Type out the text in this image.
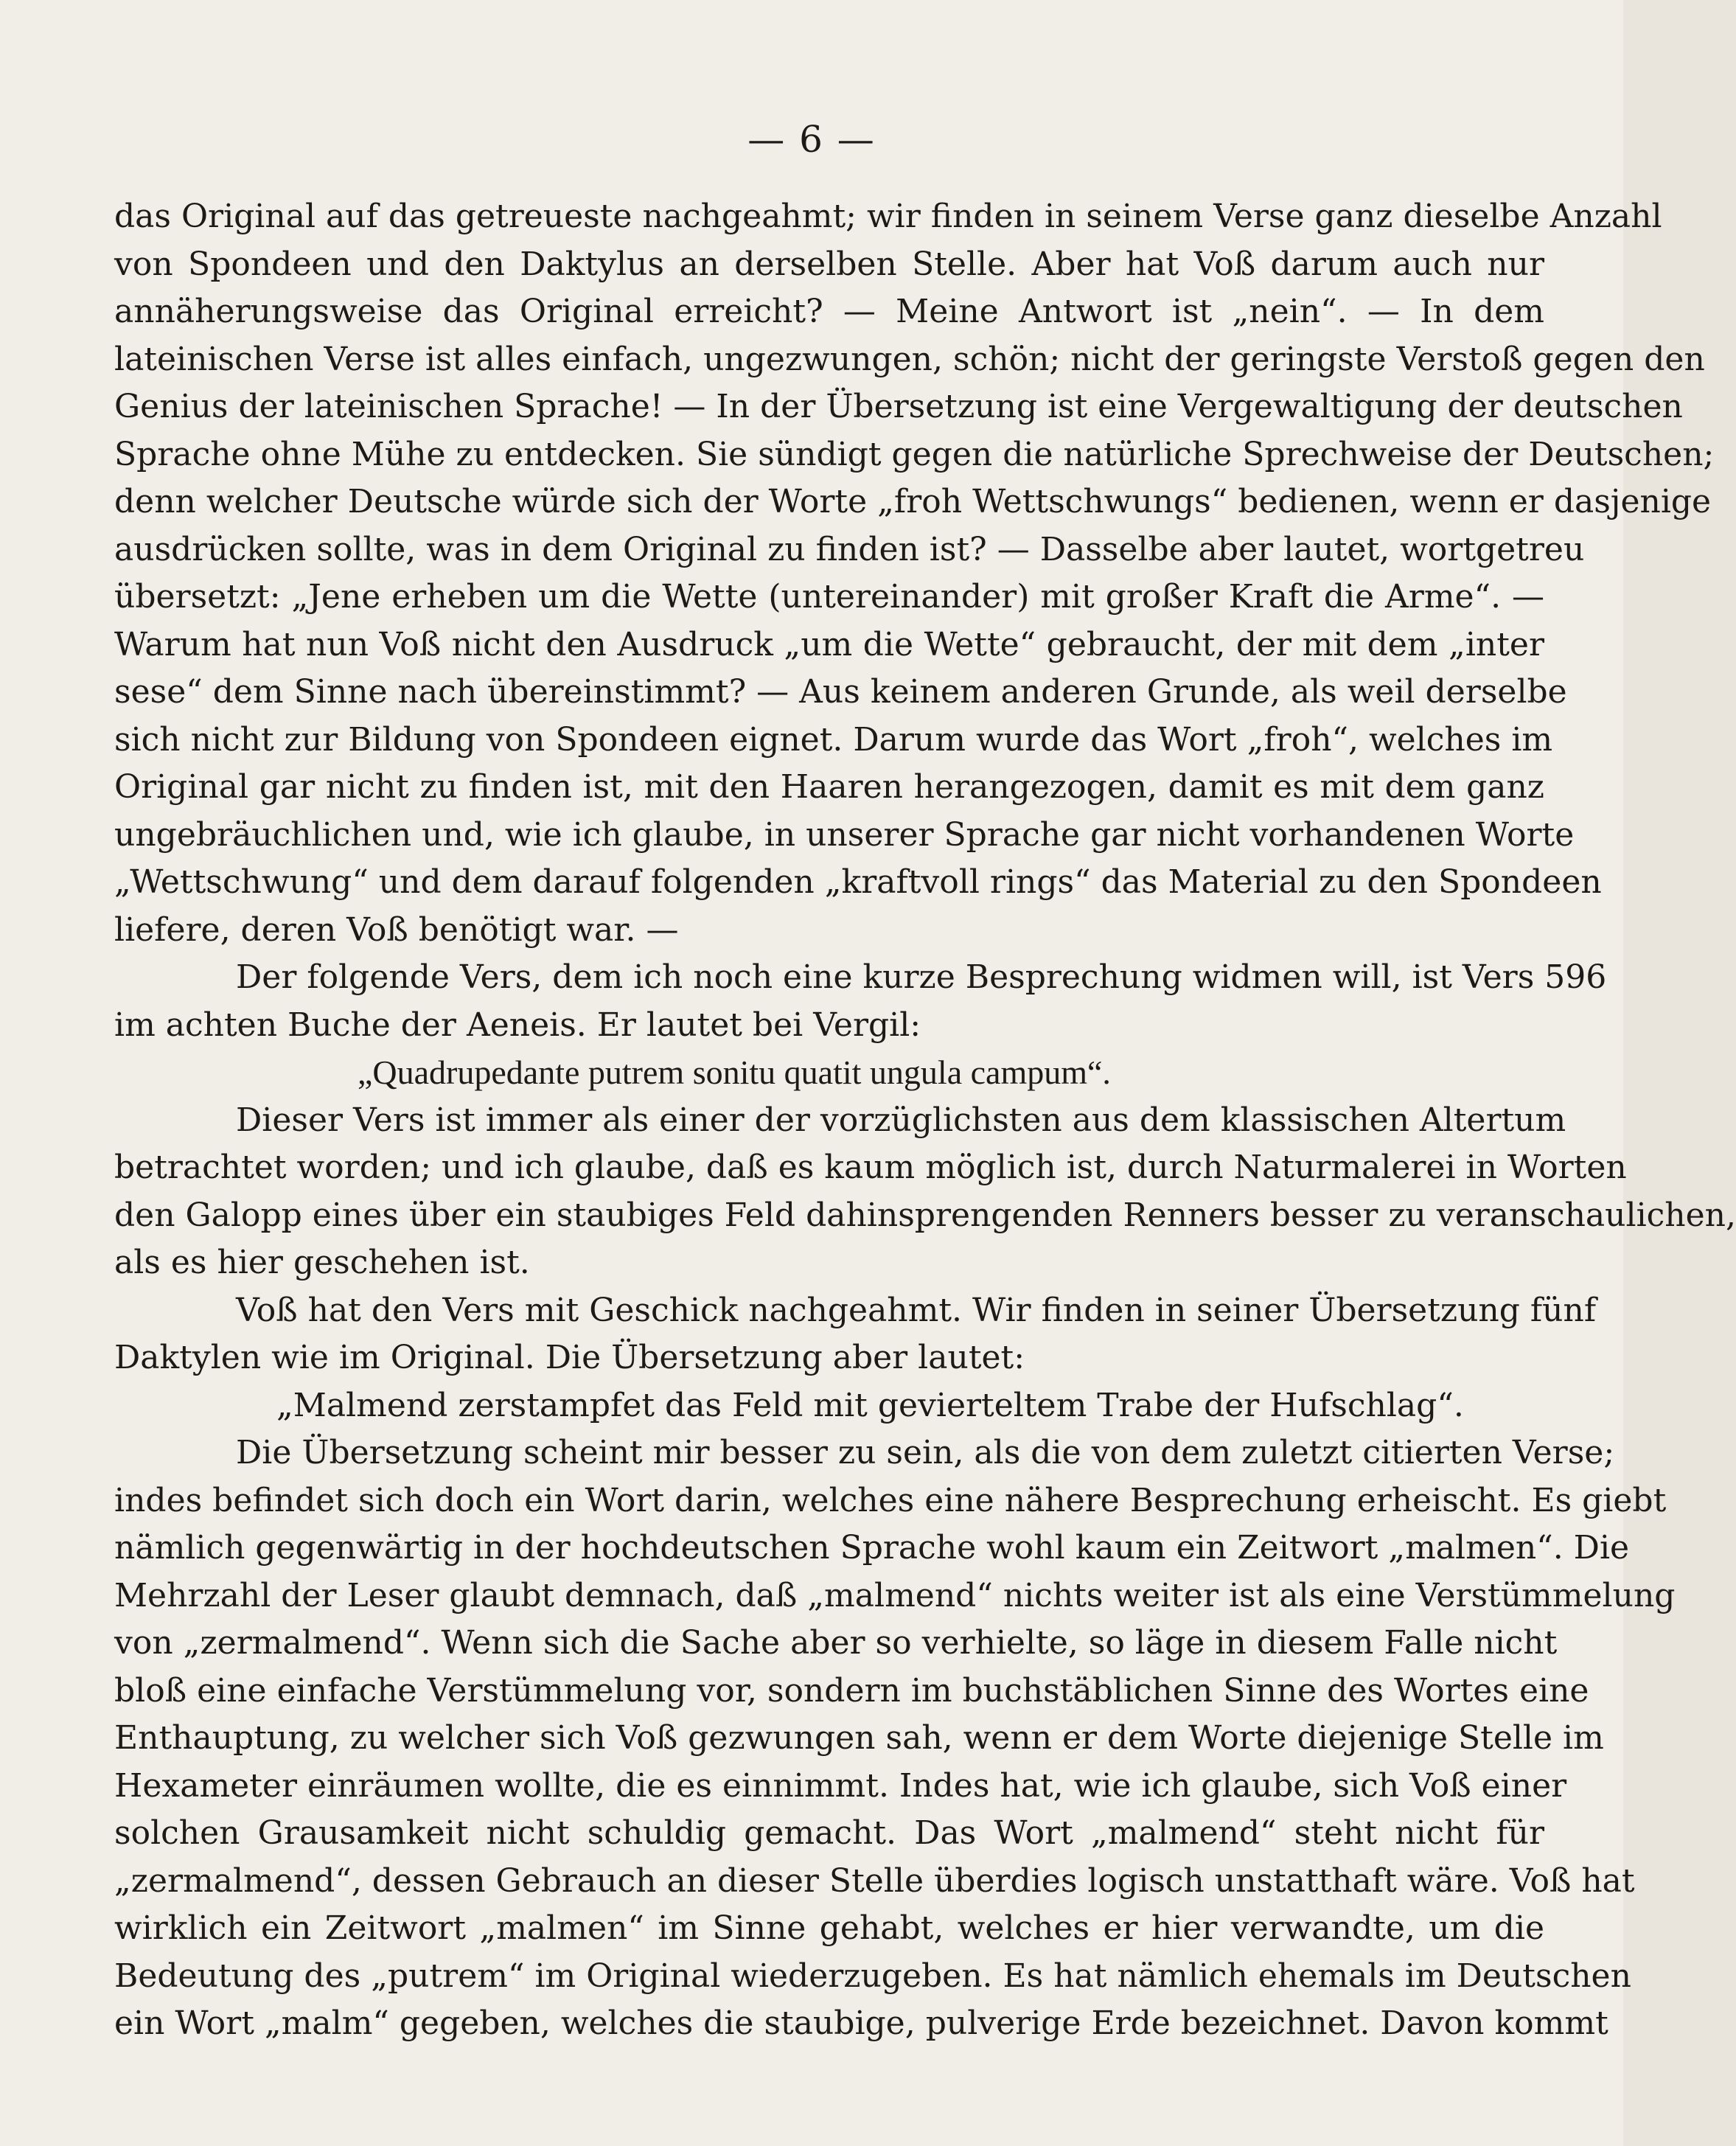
— 6 —
das Original auf das getreueste nachgeahmt; wir finden in seinem Verse ganz dieselbe Anzahl
von Spondeen und den Daktylus an derselben Stelle. Aber hat Voß darum auch nur
annäherungsweise das Original erreicht? — Meine Antwort ist „nein“. — In dem
lateinischen Verse ist alles einfach, ungezwungen, schön; nicht der geringste Verstoß gegen den
Genius der lateinischen Sprache! — In der Übersetzung ist eine Vergewaltigung der deutschen
Sprache ohne Mühe zu entdecken. Sie sündigt gegen die natürliche Sprechweise der Deutschen;
denn welcher Deutsche würde sich der Worte „froh Wettschwungs“ bedienen, wenn er dasjenige
ausdrücken sollte, was in dem Original zu finden ist? — Dasselbe aber lautet, wortgetreu
übersetzt: „Jene erheben um die Wette (untereinander) mit großer Kraft die Arme“. —
Warum hat nun Voß nicht den Ausdruck „um die Wette“ gebraucht, der mit dem „inter
sese“ dem Sinne nach übereinstimmt? — Aus keinem anderen Grunde, als weil derselbe
sich nicht zur Bildung von Spondeen eignet. Darum wurde das Wort „froh“, welches im
Original gar nicht zu finden ist, mit den Haaren herangezogen, damit es mit dem ganz
ungebräuchlichen und, wie ich glaube, in unserer Sprache gar nicht vorhandenen Worte
„Wettschwung“ und dem darauf folgenden „kraftvoll rings“ das Material zu den Spondeen
liefere, deren Voß benötigt war. —
Der folgende Vers, dem ich noch eine kurze Besprechung widmen will, ist Vers 596
im achten Buche der Aeneis. Er lautet bei Vergil:
„Quadrupedante putrem sonitu quatit ungula campum“.
Dieser Vers ist immer als einer der vorzüglichsten aus dem klassischen Altertum
betrachtet worden; und ich glaube, daß es kaum möglich ist, durch Naturmalerei in Worten
den Galopp eines über ein staubiges Feld dahinsprengenden Renners besser zu veranschaulichen,
als es hier geschehen ist.
Voß hat den Vers mit Geschick nachgeahmt. Wir finden in seiner Übersetzung fünf
Daktylen wie im Original. Die Übersetzung aber lautet:
„Malmend zerstampfet das Feld mit gevierteltem Trabe der Hufschlag“.
Die Übersetzung scheint mir besser zu sein, als die von dem zuletzt citierten Verse;
indes befindet sich doch ein Wort darin, welches eine nähere Besprechung erheischt. Es giebt
nämlich gegenwärtig in der hochdeutschen Sprache wohl kaum ein Zeitwort „malmen“. Die
Mehrzahl der Leser glaubt demnach, daß „malmend“ nichts weiter ist als eine Verstümmelung
von „zermalmend“. Wenn sich die Sache aber so verhielte, so läge in diesem Falle nicht
bloß eine einfache Verstümmelung vor, sondern im buchstäblichen Sinne des Wortes eine
Enthauptung, zu welcher sich Voß gezwungen sah, wenn er dem Worte diejenige Stelle im
Hexameter einräumen wollte, die es einnimmt. Indes hat, wie ich glaube, sich Voß einer
solchen Grausamkeit nicht schuldig gemacht. Das Wort „malmend“ steht nicht für
„zermalmend“, dessen Gebrauch an dieser Stelle überdies logisch unstatthaft wäre. Voß hat
wirklich ein Zeitwort „malmen“ im Sinne gehabt, welches er hier verwandte, um die
Bedeutung des „putrem“ im Original wiederzugeben. Es hat nämlich ehemals im Deutschen
ein Wort „malm“ gegeben, welches die staubige, pulverige Erde bezeichnet. Davon kommt
